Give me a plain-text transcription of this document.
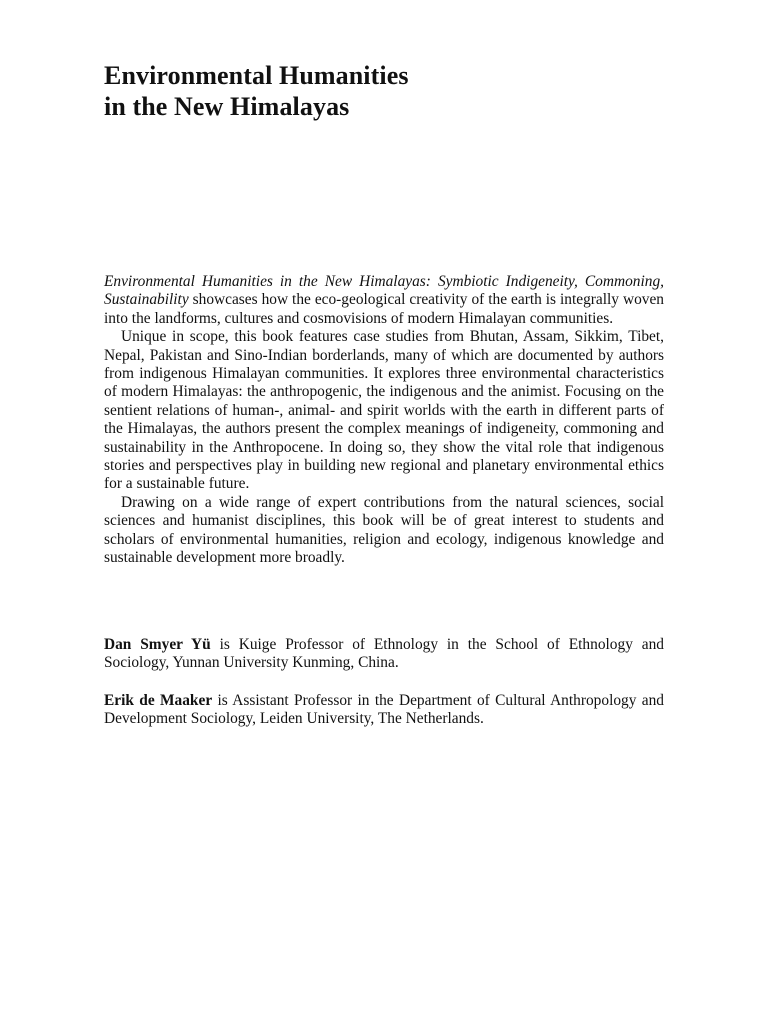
Environmental Humanities
in the New Himalayas

Environmental Humanities in the New Himalayas: Symbiotic Indigeneity, Commoning, Sustainability showcases how the eco-geological creativity of the earth is integrally woven into the landforms, cultures and cosmovisions of modern Himalayan communities.

Unique in scope, this book features case studies from Bhutan, Assam, Sikkim, Tibet, Nepal, Pakistan and Sino-Indian borderlands, many of which are documented by authors from indigenous Himalayan communities. It explores three environmental characteristics of modern Himalayas: the anthropogenic, the indigenous and the animist. Focusing on the sentient relations of human-, animal- and spirit worlds with the earth in different parts of the Himalayas, the authors present the complex meanings of indigeneity, commoning and sustainability in the Anthropocene. In doing so, they show the vital role that indigenous stories and perspectives play in building new regional and planetary environmental ethics for a sustainable future.

Drawing on a wide range of expert contributions from the natural sciences, social sciences and humanist disciplines, this book will be of great interest to students and scholars of environmental humanities, religion and ecology, indigenous knowledge and sustainable development more broadly.

Dan Smyer Yü is Kuige Professor of Ethnology in the School of Ethnology and Sociology, Yunnan University Kunming, China.

Erik de Maaker is Assistant Professor in the Department of Cultural Anthropology and Development Sociology, Leiden University, The Netherlands.
